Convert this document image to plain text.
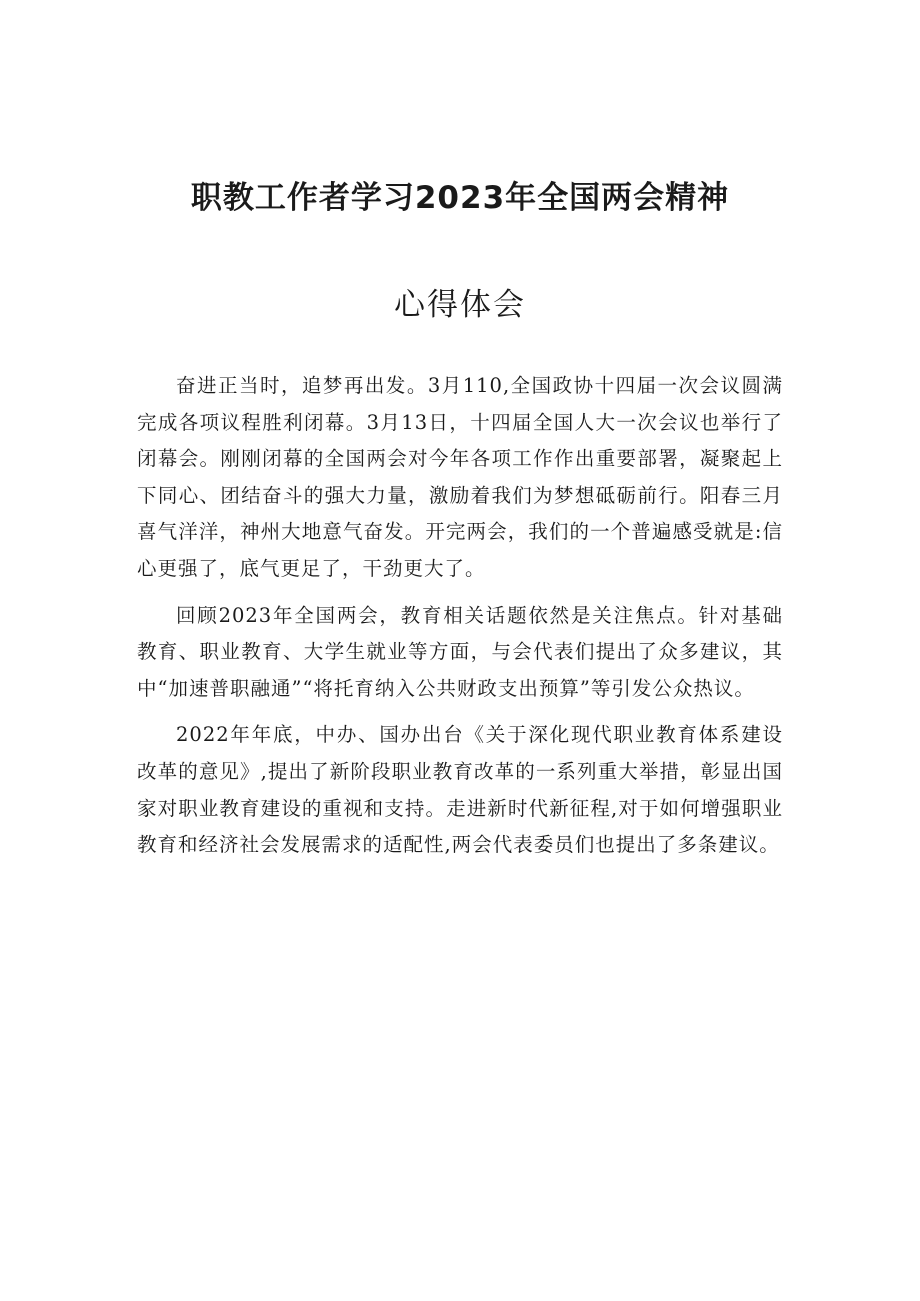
职教工作者学习2023年全国两会精神
心得体会

奋进正当时，追梦再出发。3月110,全国政协十四届一次会议圆满完成各项议程胜利闭幕。3月13日，十四届全国人大一次会议也举行了闭幕会。刚刚闭幕的全国两会对今年各项工作作出重要部署，凝聚起上下同心、团结奋斗的强大力量，激励着我们为梦想砥砺前行。阳春三月喜气洋洋，神州大地意气奋发。开完两会，我们的一个普遍感受就是:信心更强了，底气更足了，干劲更大了。

回顾2023年全国两会，教育相关话题依然是关注焦点。针对基础教育、职业教育、大学生就业等方面，与会代表们提出了众多建议，其中“加速普职融通”“将托育纳入公共财政支出预算”等引发公众热议。

2022年年底，中办、国办出台《关于深化现代职业教育体系建设改革的意见》,提出了新阶段职业教育改革的一系列重大举措，彰显出国家对职业教育建设的重视和支持。走进新时代新征程,对于如何增强职业教育和经济社会发展需求的适配性,两会代表委员们也提出了多条建议。
